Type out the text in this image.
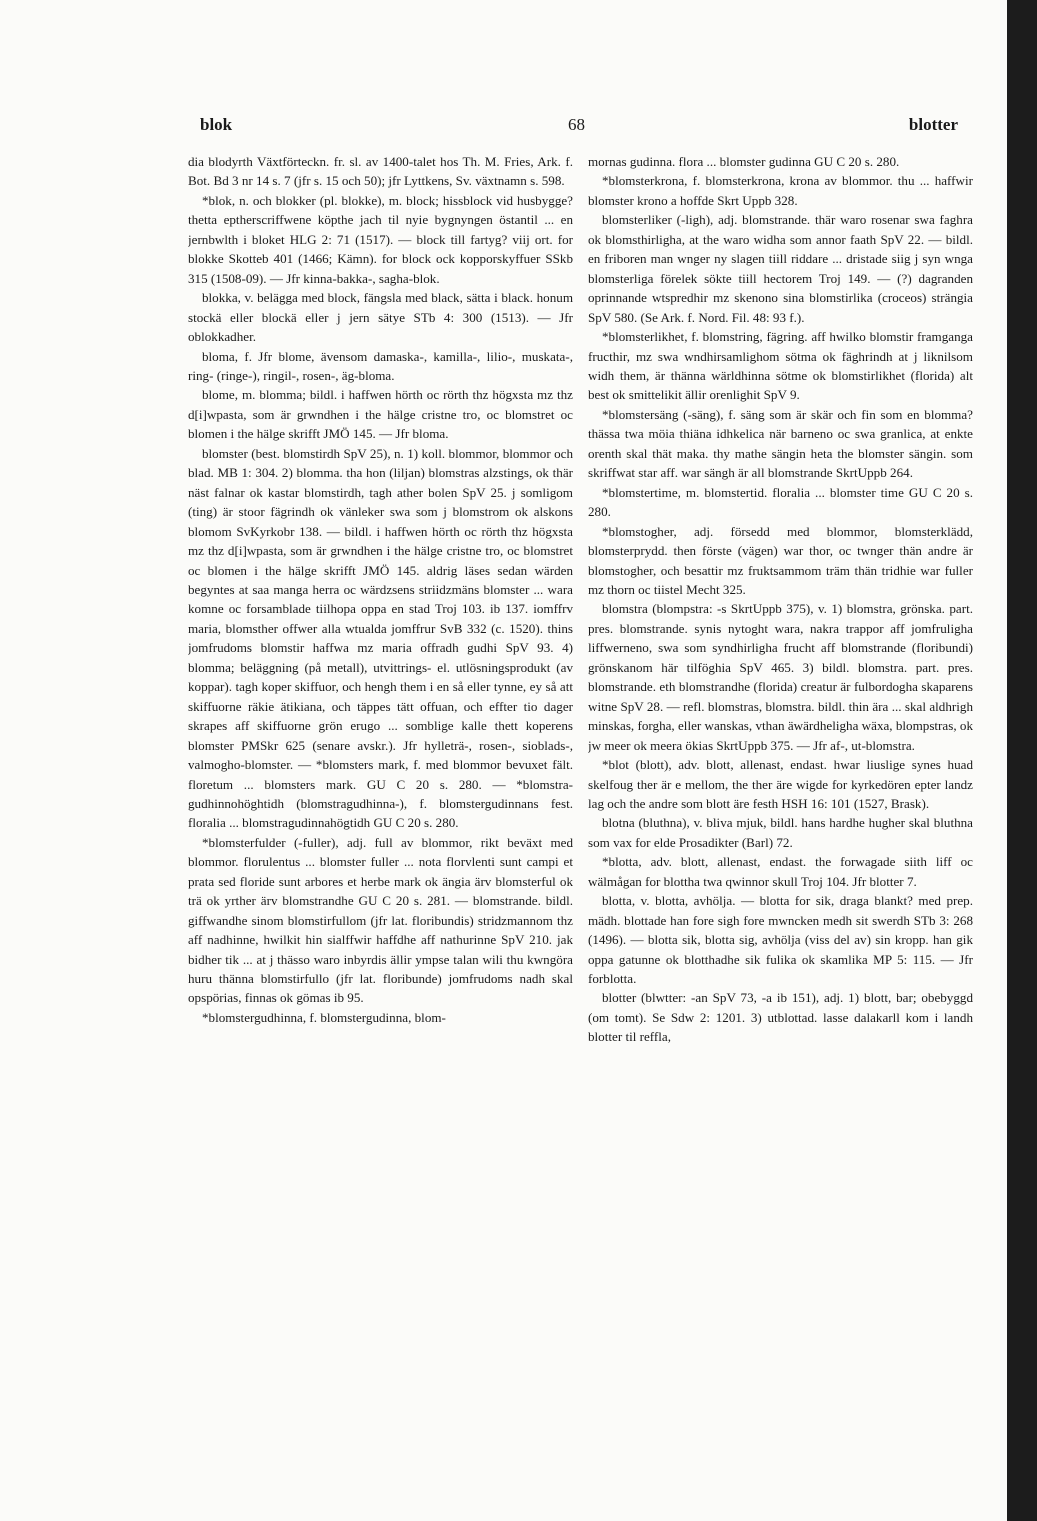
blok	68	blotter

dia blodyrth Växtförteckn. fr. sl. av 1400-talet hos Th. M. Fries, Ark. f. Bot. Bd 3 nr 14 s. 7 (jfr s. 15 och 50); jfr Lyttkens, Sv. växtnamn s. 598.

*blok, n. och blokker (pl. blokke), m. block; hissblock vid husbygge? thetta eptherscriffwene köpthe jach til nyie bygnyngen östantil ... en jernbwlth i bloket HLG 2: 71 (1517). — block till fartyg? viij ort. for blokke Skotteb 401 (1466; Kämn). for block ock kopporskyffuer SSkb 315 (1508-09). — Jfr kinna-bakka-, sagha-blok.

blokka, v. belägga med block, fängsla med black, sätta i black. honum stockä eller blockä eller j jern sätye STb 4: 300 (1513). — Jfr oblokkadher.

bloma, f. Jfr blome, ävensom damaska-, kamilla-, lilio-, muskata-, ring- (ringe-), ringil-, rosen-, äg-bloma.

blome, m. blomma; bildl. i haffwen hörth oc rörth thz högxsta mz thz d[i]wpasta, som är grwndhen i the hälge cristne tro, oc blomstret oc blomen i the hälge skrifft JMÖ 145. — Jfr bloma.

blomster (best. blomstirdh SpV 25), n. 1) koll. blommor, blommor och blad. MB 1: 304. 2) blomma. tha hon (liljan) blomstras alzstings, ok thär näst falnar ok kastar blomstirdh, tagh ather bolen SpV 25. j somligom (ting) är stoor fägrindh ok vänleker swa som j blomstrom ok alskons blomom SvKyrkobr 138. — bildl. i haffwen hörth oc rörth thz högxsta mz thz d[i]wpasta, som är grwndhen i the hälge cristne tro, oc blomstret oc blomen i the hälge skrifft JMÖ 145. aldrig läses sedan wärden begyntes at saa manga herra oc wärdzsens striidzmäns blomster ... wara komne oc forsamblade tiilhopa oppa en stad Troj 103. ib 137. iomffrv maria, blomsther offwer alla wtualda jomffrur SvB 332 (c. 1520). thins jomfrudoms blomstir haffwa mz maria offradh gudhi SpV 93. 4) blomma; beläggning (på metall), utvittrings- el. utlösningsprodukt (av koppar). tagh koper skiffuor, och hengh them i en så eller tynne, ey så att skiffuorne räkie ätikiana, och täppes tätt offuan, och effter tio dager skrapes aff skiffuorne grön erugo ... somblige kalle thett koperens blomster PMSkr 625 (senare avskr.). Jfr hylleträ-, rosen-, sioblads-, valmogho-blomster. — *blomsters mark, f. med blommor bevuxet fält. floretum ... blomsters mark. GU C 20 s. 280. — *blomstra-gudhinnohöghtidh (blomstragudhinna-), f. blomstergudinnans fest. floralia ... blomstragudinnahögtidh GU C 20 s. 280.

*blomsterfulder (-fuller), adj. full av blommor, rikt beväxt med blommor. florulentus ... blomster fuller ... nota florvlenti sunt campi et prata sed floride sunt arbores et herbe mark ok ängia ärv blomsterful ok trä ok yrther ärv blomstrandhe GU C 20 s. 281. — blomstrande. bildl. giffwandhe sinom blomstirfullom (jfr lat. floribundis) stridzmannom thz aff nadhinne, hwilkit hin sialffwir haffdhe aff nathurinne SpV 210. jak bidher tik ... at j thässo waro inbyrdis ällir ympse talan wili thu kwngöra huru thänna blomstirfullo (jfr lat. floribunde) jomfrudoms nadh skal opspörias, finnas ok gömas ib 95.

*blomstergudhinna, f. blomstergudinna, blom-

mornas gudinna. flora ... blomster gudinna GU C 20 s. 280.

*blomsterkrona, f. blomsterkrona, krona av blommor. thu ... haffwir blomster krono a hoffde Skrt Uppb 328.

blomsterliker (-ligh), adj. blomstrande. thär waro rosenar swa faghra ok blomsthirligha, at the waro widha som annor faath SpV 22. — bildl. en friboren man wnger ny slagen tiill riddare ... dristade siig j syn wnga blomsterliga förelek sökte tiill hectorem Troj 149. — (?) dagranden oprinnande wtspredhir mz skenono sina blomstirlika (croceos) strängia SpV 580. (Se Ark. f. Nord. Fil. 48: 93 f.).

*blomsterlikhet, f. blomstring, fägring. aff hwilko blomstir framganga fructhir, mz swa wndhirsamlighom sötma ok fäghrindh at j liknilsom widh them, är thänna wärldhinna sötme ok blomstirlikhet (florida) alt best ok smittelikit ällir orenlighit SpV 9.

*blomstersäng (-säng), f. säng som är skär och fin som en blomma? thässa twa möia thiäna idhkelica när barneno oc swa granlica, at enkte orenth skal thät maka. thy mathe sängin heta the blomster sängin. som skriffwat star aff. war sängh är all blomstrande SkrtUppb 264.

*blomstertime, m. blomstertid. floralia ... blomster time GU C 20 s. 280.

*blomstogher, adj. försedd med blommor, blomsterklädd, blomsterprydd. then förste (vägen) war thor, oc twnger thän andre är blomstogher, och besattir mz fruktsammom träm thän tridhie war fuller mz thorn oc tiistel Mecht 325.

blomstra (blompstra: -s SkrtUppb 375), v. 1) blomstra, grönska. part. pres. blomstrande. synis nytoght wara, nakra trappor aff jomfruligha liffwerneno, swa som syndhirligha frucht aff blomstrande (floribundi) grönskanom här tilföghia SpV 465. 3) bildl. blomstra. part. pres. blomstrande. eth blomstrandhe (florida) creatur är fulbordogha skaparens witne SpV 28. — refl. blomstras, blomstra. bildl. thin ära ... skal aldhrigh minskas, forgha, eller wanskas, vthan äwärdheligha wäxa, blompstras, ok jw meer ok meera ökias SkrtUppb 375. — Jfr af-, ut-blomstra.

*blot (blott), adv. blott, allenast, endast. hwar liuslige synes huad skelfoug ther är e mellom, the ther äre wigde for kyrkedören epter landz lag och the andre som blott äre festh HSH 16: 101 (1527, Brask).

blotna (bluthna), v. bliva mjuk, bildl. hans hardhe hugher skal bluthna som vax for elde Prosadikter (Barl) 72.

*blotta, adv. blott, allenast, endast. the forwagade siith liff oc wälmågan for blottha twa qwinnor skull Troj 104. Jfr blotter 7.

blotta, v. blotta, avhölja. — blotta for sik, draga blankt? med prep. mädh. blottade han fore sigh fore mwncken medh sit swerdh STb 3: 268 (1496). — blotta sik, blotta sig, avhölja (viss del av) sin kropp. han gik oppa gatunne ok blotthadhe sik fulika ok skamlika MP 5: 115. — Jfr forblotta.

blotter (blwtter: -an SpV 73, -a ib 151), adj. 1) blott, bar; obebyggd (om tomt). Se Sdw 2: 1201. 3) utblottad. lasse dalakarll kom i landh blotter til reffla,
